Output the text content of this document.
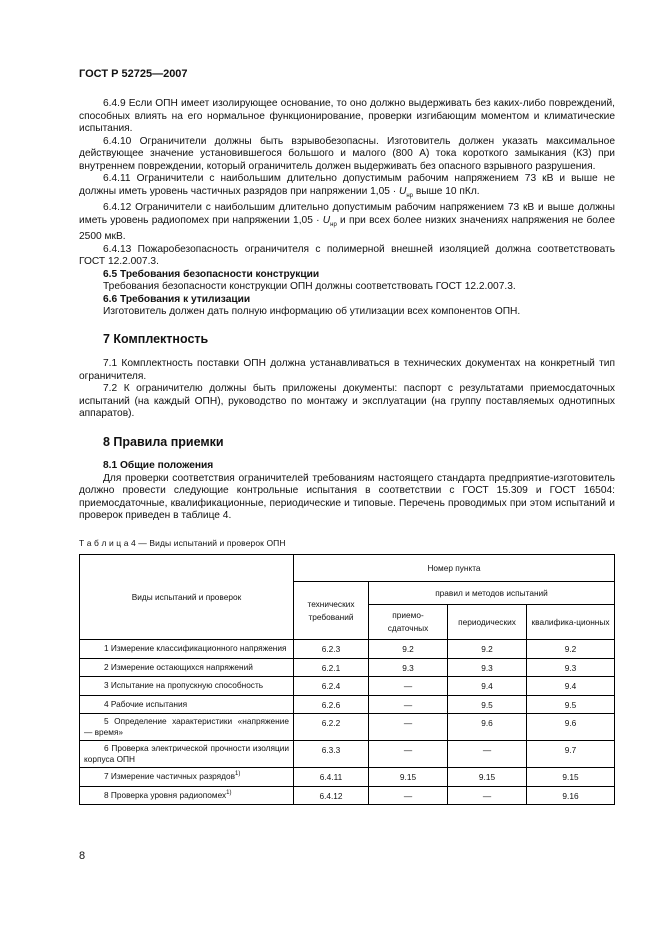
ГОСТ Р 52725—2007

6.4.9 Если ОПН имеет изолирующее основание, то оно должно выдерживать без каких-либо повреждений, способных влиять на его нормальное функционирование, проверки изгибающим моментом и климатические испытания.

6.4.10 Ограничители должны быть взрывобезопасны. Изготовитель должен указать максимальное действующее значение установившегося большого и малого (800 А) тока короткого замыкания (КЗ) при внутреннем повреждении, который ограничитель должен выдерживать без опасного взрывного разрушения.

6.4.11 Ограничители с наибольшим длительно допустимым рабочим напряжением 73 кВ и выше не должны иметь уровень частичных разрядов при напряжении $1,05 \cdot U_{нр}$ выше 10 пКл.

6.4.12 Ограничители с наибольшим длительно допустимым рабочим напряжением 73 кВ и выше должны иметь уровень радиопомех при напряжении $1,05 \cdot U_{нр}$ и при всех более низких значениях напряжения не более 2500 мкВ.

6.4.13 Пожаробезопасность ограничителя с полимерной внешней изоляцией должна соответствовать ГОСТ 12.2.007.3.

6.5 Требования безопасности конструкции

Требования безопасности конструкции ОПН должны соответствовать ГОСТ 12.2.007.3.

6.6 Требования к утилизации

Изготовитель должен дать полную информацию об утилизации всех компонентов ОПН.

7 Комплектность

7.1 Комплектность поставки ОПН должна устанавливаться в технических документах на конкретный тип ограничителя.

7.2 К ограничителю должны быть приложены документы: паспорт с результатами приемосдаточных испытаний (на каждый ОПН), руководство по монтажу и эксплуатации (на группу поставляемых однотипных аппаратов).

8 Правила приемки

8.1 Общие положения

Для проверки соответствия ограничителей требованиям настоящего стандарта предприятие-изготовитель должно провести следующие контрольные испытания в соответствии с ГОСТ 15.309 и ГОСТ 16504: приемосдаточные, квалификационные, периодические и типовые. Перечень проводимых при этом испытаний и проверок приведен в таблице 4.

Т а б л и ц а 4 — Виды испытаний и проверок ОПН
Виды испытаний и проверок	Номер пункта			
	технических требований	правил и методов испытаний		
		приемо-сдаточных	периодических	квалифика-ционных

1 Измерение классификационного напряжения	6.2.3	9.2	9.2	9.2

2 Измерение остающихся напряжений	6.2.1	9.3	9.3	9.3

3 Испытание на пропускную способность	6.2.4	—	9.4	9.4

4 Рабочие испытания	6.2.6	—	9.5	9.5

5 Определение характеристики «напряжение — время»	6.2.2	—	9.6	9.6

6 Проверка электрической прочности изоляции корпуса ОПН	6.3.3	—	—	9.7

7 Измерение частичных разрядов$^{1)}$	6.4.11	9.15	9.15	9.15

8 Проверка уровня радиопомех$^{1)}$	6.4.12	—	—	9.16
8
